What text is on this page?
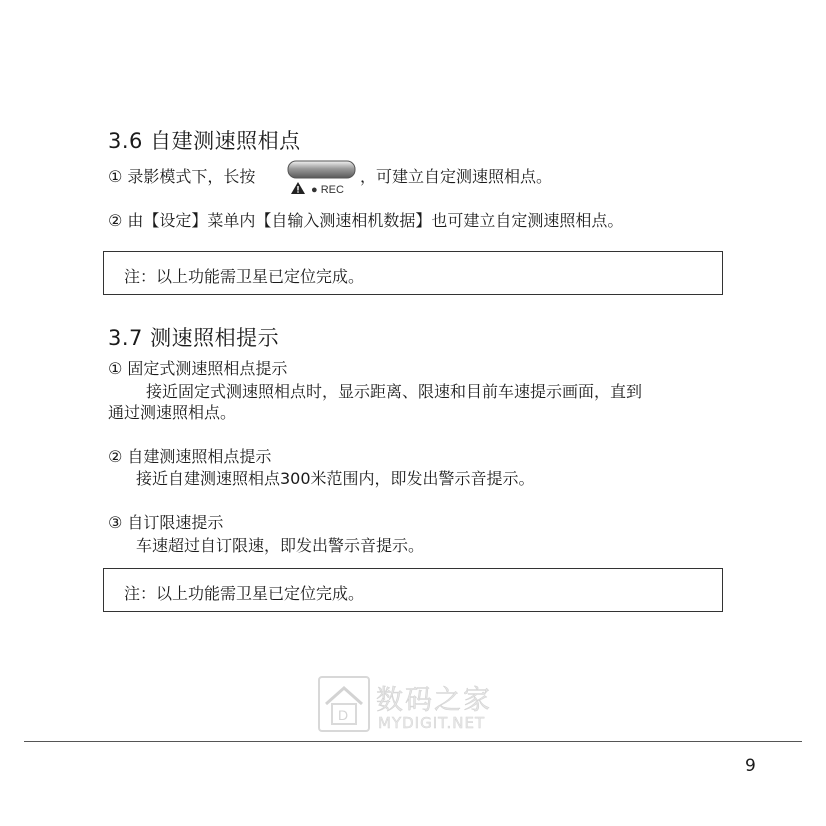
3.6 自建测速照相点
① 录影模式下，长按
● REC
，可建立自定测速照相点。
② 由【设定】菜单内【自输入测速相机数据】也可建立自定测速照相点。
注：以上功能需卫星已定位完成。
3.7 测速照相提示
① 固定式测速照相点提示
接近固定式测速照相点时，显示距离、限速和目前车速提示画面，直到
通过测速照相点。
② 自建测速照相点提示
接近自建测速照相点300米范围内，即发出警示音提示。
③ 自订限速提示
车速超过自订限速，即发出警示音提示。
注：以上功能需卫星已定位完成。
D 数码之家
MYDIGIT.NET
9
